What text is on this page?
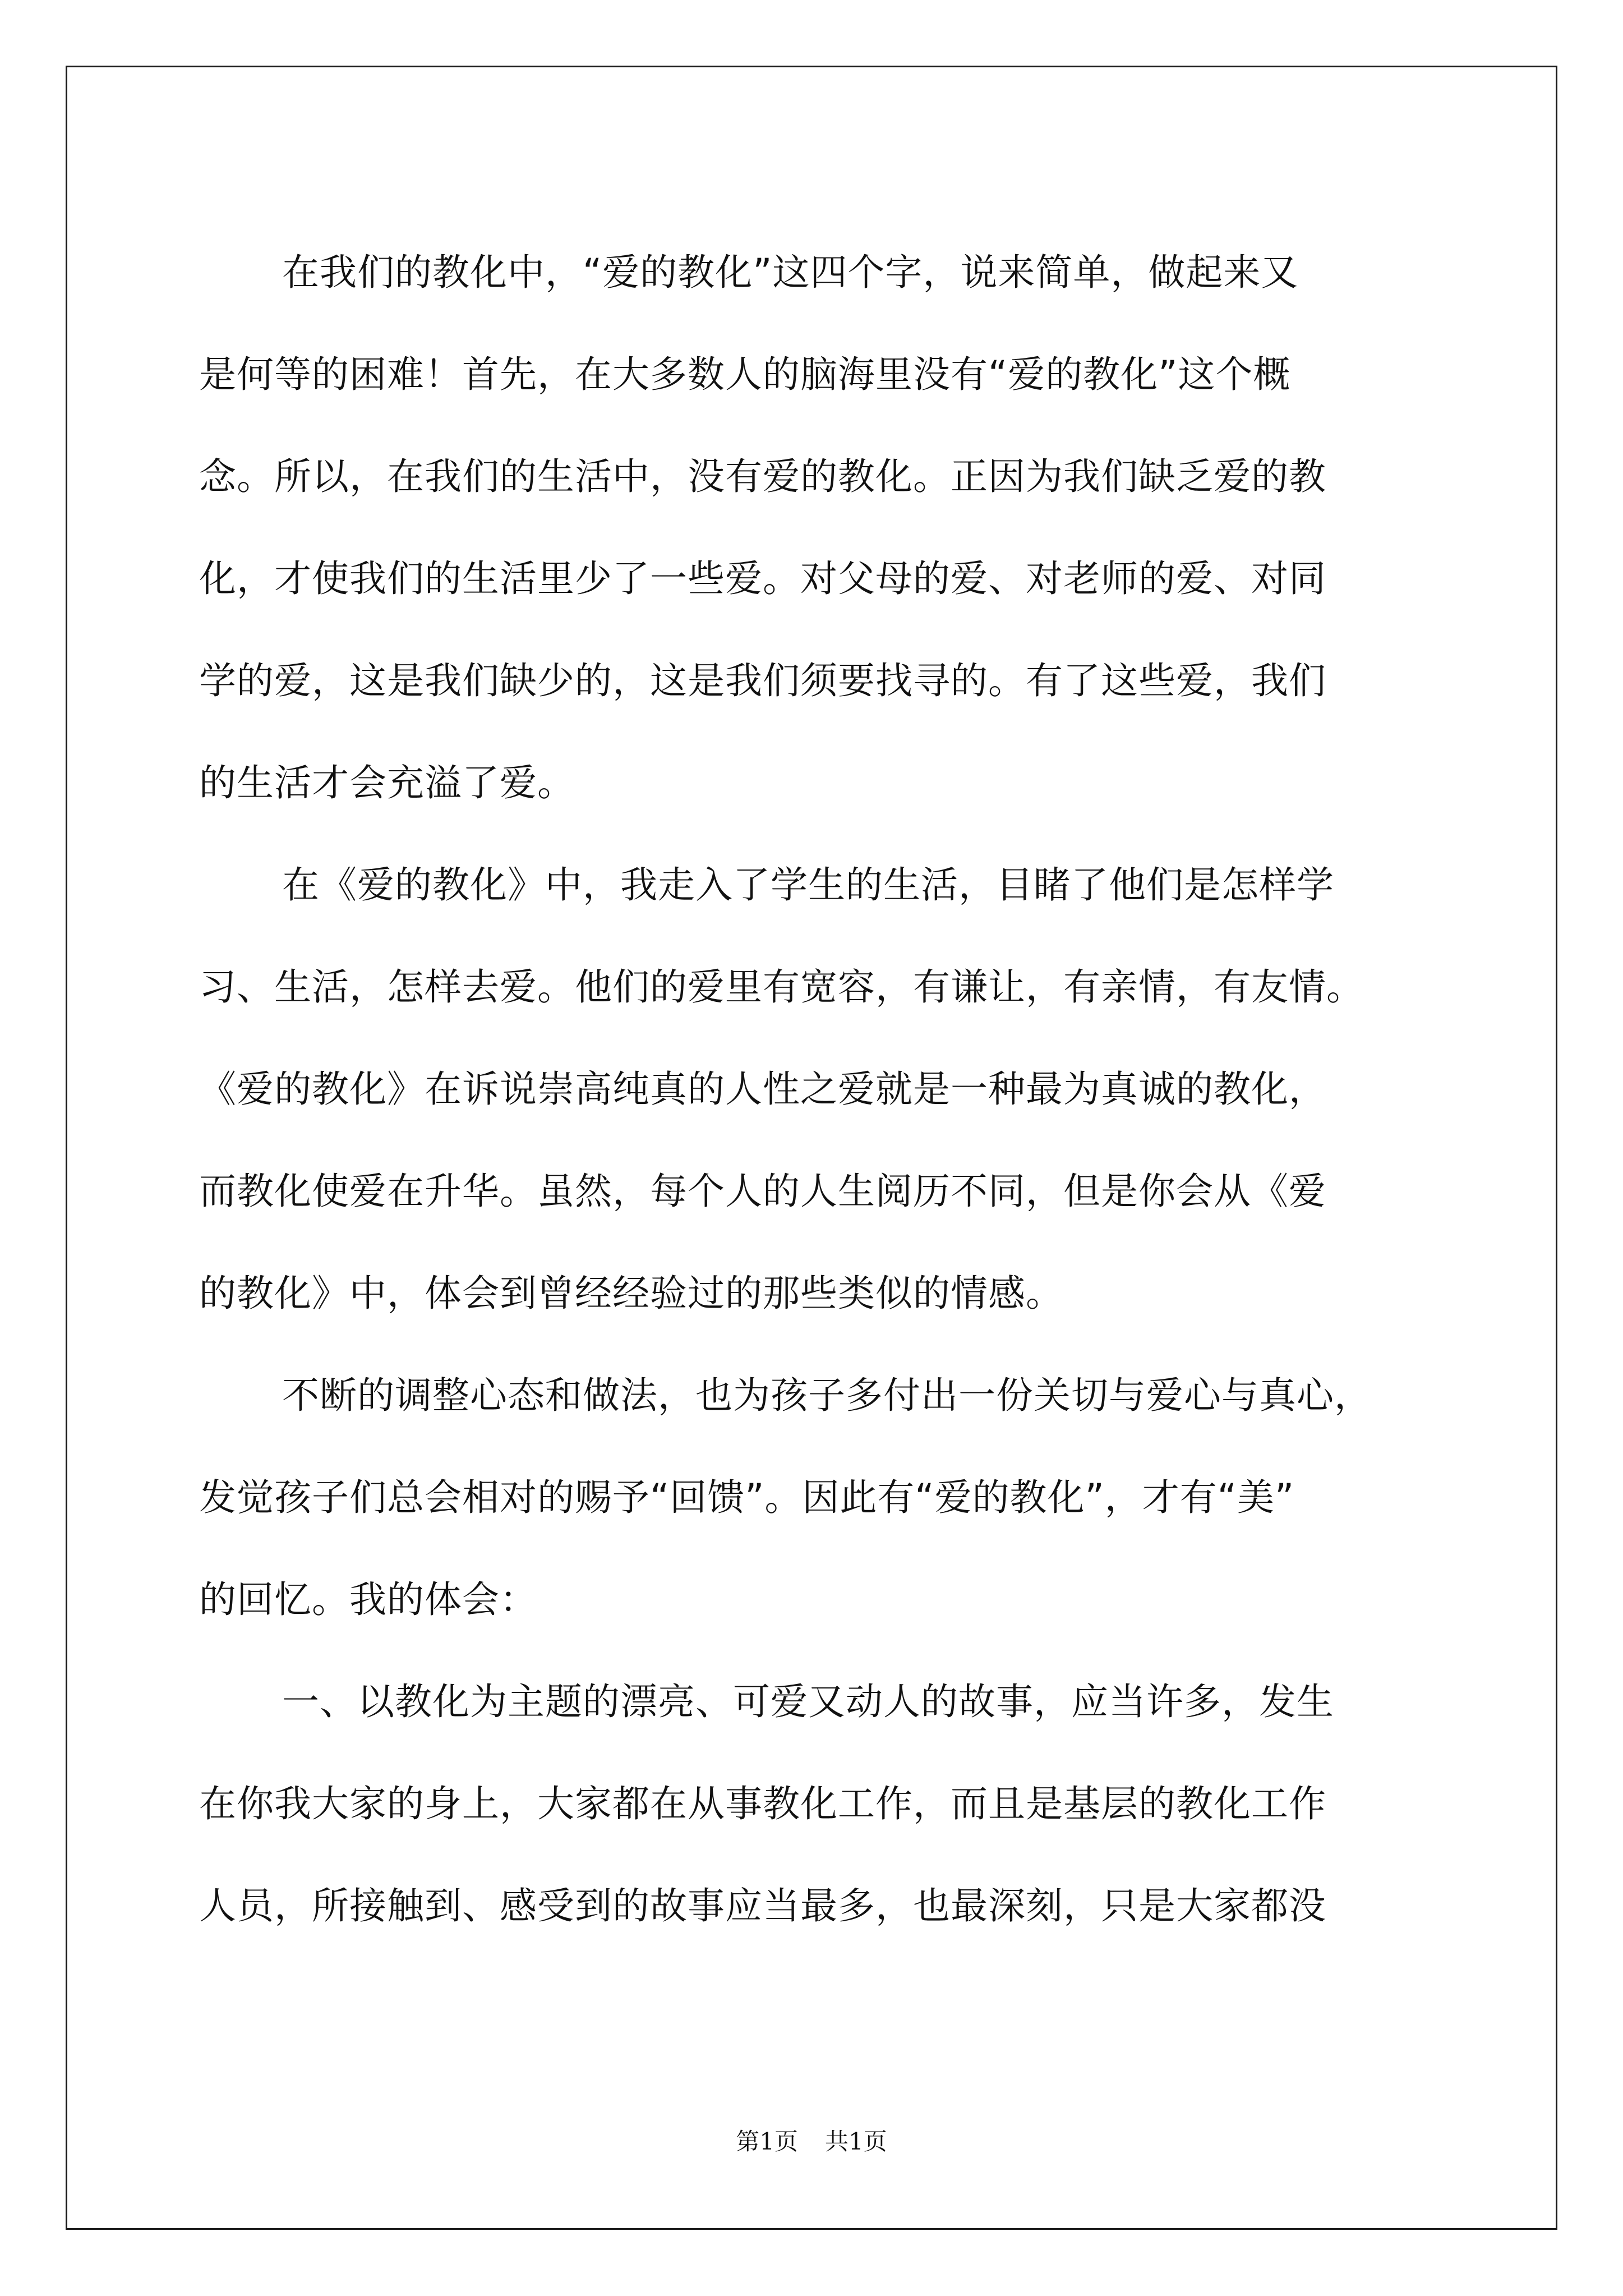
在我们的教化中，“爱的教化”这四个字，说来简单，做起来又
是何等的困难！首先，在大多数人的脑海里没有“爱的教化”这个概
念。所以，在我们的生活中，没有爱的教化。正因为我们缺乏爱的教
化，才使我们的生活里少了一些爱。对父母的爱、对老师的爱、对同
学的爱，这是我们缺少的，这是我们须要找寻的。有了这些爱，我们
的生活才会充溢了爱。
在《爱的教化》中，我走入了学生的生活，目睹了他们是怎样学
习、生活，怎样去爱。他们的爱里有宽容，有谦让，有亲情，有友情。
《爱的教化》在诉说崇高纯真的人性之爱就是一种最为真诚的教化，
而教化使爱在升华。虽然，每个人的人生阅历不同，但是你会从《爱
的教化》中，体会到曾经经验过的那些类似的情感。
不断的调整心态和做法，也为孩子多付出一份关切与爱心与真心，
发觉孩子们总会相对的赐予“回馈”。因此有“爱的教化”，才有“美”
的回忆。我的体会：
一、以教化为主题的漂亮、可爱又动人的故事，应当许多，发生
在你我大家的身上，大家都在从事教化工作，而且是基层的教化工作
人员，所接触到、感受到的故事应当最多，也最深刻，只是大家都没
第1页 共1页
